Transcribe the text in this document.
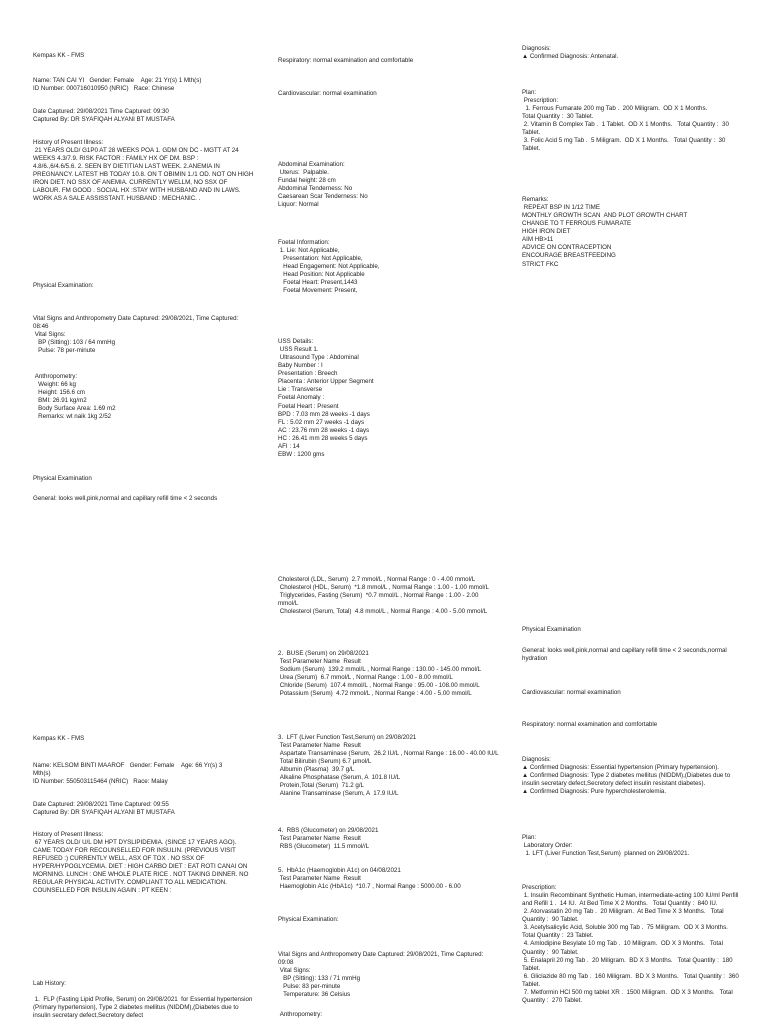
Kempas KK - FMS
Name: TAN CAI YI   Gender: Female    Age: 21 Yr(s) 1 Mth(s)
ID Number: 000716010950 (NRIC)   Race: Chinese
Date Captured: 29/08/2021 Time Captured: 09:30
Captured By: DR SYAFIQAH ALYANI BT MUSTAFA
History of Present Illness:
21 YEARS OLD/ G1P0 AT 28 WEEKS POA 1. GDM ON DC - MGTT AT 24 WEEKS 4.3/7.9. RISK FACTOR : FAMILY HX OF DM. BSP :
4.8/6.,6/4.6/5.6. 2. SEEN BY DIETITIAN LAST WEEK. 2.ANEMIA IN PREGNANCY. LATEST HB TODAY 10.8. ON T OBIMIN 1./1 OD. NOT ON HIGH IRON DIET. NO SSX OF ANEMIA. CURRENTLY WELLM, NO SSX OF LABOUR. FM GOOD . SOCIAL HX :STAY WITH HUSBAND AND IN LAWS. WORK AS A SALE ASSISSTANT. HUSBAND : MECHANIC. .
Physical Examination:
Vital Signs and Anthropometry Date Captured: 29/08/2021, Time Captured: 08:46
Vital Signs:
BP (Sitting): 103 / 64 mmHg
Pulse: 78 per-minute
Anthropometry:
Weight: 66 kg
Height: 156.6 cm
BMI: 26.91 kg/m2
Body Surface Area: 1.69 m2
Remarks: wt naik 1kg 2/52
Physical Examination
General: looks well,pink,normal and capillary refill time < 2 seconds
Respiratory: normal examination and comfortable
Cardiovascular: normal examination
Abdominal Examination:
Uterus:  Palpable.
Fundal height: 28 cm
Abdominal Tenderness: No
Caesarean Scar Tenderness: No
Liquor: Normal
Foetal Information:
1. Lie: Not Applicable,
Presentation: Not Applicable,
Head Engagement: Not Applicable,
Head Position: Not Applicable
Foetal Heart: Present,1443
Foetal Movement: Present,
USS Details:
USS Result 1.
Ultrasound Type : Abdominal
Baby Number : I
Presentation : Breech
Placenta : Anterior Upper Segment
Lie : Transverse
Foetal Anomaly :
Foetal Heart : Present
BPD : 7.03 mm 28 weeks -1 days
FL : 5.02 mm 27 weeks -1 days
AC : 23.76 mm 28 weeks -1 days
HC : 26.41 mm 28 weeks 5 days
AFI : 14
EBW : 1200 gms
Diagnosis:
▲ Confirmed Diagnosis: Antenatal.
Plan:
Prescription:
1. Ferrous Fumarate 200 mg Tab .  200 Miligram.  OD X 1 Months.
Total Quantity :  30 Tablet.
2. Vitamin B Complex Tab .  1 Tablet.  OD X 1 Months.   Total Quantity :  30 Tablet.
3. Folic Acid 5 mg Tab .  5 Miligram.  OD X 1 Months.   Total Quantity :  30 Tablet.
Remarks:
REPEAT BSP IN 1/12 TIME
MONTHLY GROWTH SCAN  AND PLOT GROWTH CHART
CHANGE TO T FERROUS FUMARATE
HIGH IRON DIET
AIM HB>11
ADVICE ON CONTRACEPTION
ENCOURAGE BREASTFEEDING
STRICT FKC
Kempas KK - FMS
Name: KELSOM BINTI MAAROF   Gender: Female    Age: 66 Yr(s) 3 Mth(s)
ID Number: 550503115464 (NRIC)   Race: Malay
Date Captured: 29/08/2021 Time Captured: 09:55
Captured By: DR SYAFIQAH ALYANI BT MUSTAFA
History of Present Illness:
67 YEARS OLD/ U/L DM HPT DYSLIPIDEMIA. (SINCE 17 YEARS AGO). CAME TODAY FOR RECOUNSELLED FOR INSULIN. (PREVIOUS VISIT REFUSED :) CURRENTLY WELL, ASX OF TOX . NO SSX OF HYPER/HYPOGLYCEMIA. DIET : HIGH CARBO DIET : EAT ROTI CANAI ON MORNING. LUNCH : ONE WHOLE PLATE RICE . NOT TAKING DINNER. NO REGULAR PHYSICAL ACTIVITY. COMPLIANT TO ALL MEDICATION. COUNSELLED FOR INSULIN AGAIN : PT KEEN :
Lab History:
1.  FLP (Fasting Lipid Profile, Serum) on 29/08/2021  for Essential hypertension (Primary hypertension), Type 2 diabetes mellitus (NIDDM),(Diabetes due to insulin secretary defect,Secretory defect
Cholesterol (LDL, Serum)  2.7 mmol/L , Normal Range : 0 - 4.00 mmol/L
Cholesterol (HDL, Serum)  *1.8 mmol/L , Normal Range : 1.00 - 1.00 mmol/L
Triglycerides, Fasting (Serum)  *0.7 mmol/L , Normal Range : 1.00 - 2.00 mmol/L
Cholesterol (Serum, Total)  4.8 mmol/L , Normal Range : 4.00 - 5.00 mmol/L
2.  BUSE (Serum) on 29/08/2021
Test Parameter Name  Result
Sodium (Serum)  139.2 mmol/L , Normal Range : 130.00 - 145.00 mmol/L
Urea (Serum)  6.7 mmol/L , Normal Range : 1.00 - 8.00 mmol/L
Chloride (Serum)  107.4 mmol/L , Normal Range : 95.00 - 108.00 mmol/L
Potassium (Serum)  4.72 mmol/L , Normal Range : 4.00 - 5.00 mmol/L
3.  LFT (Liver Function Test,Serum) on 29/08/2021
Test Parameter Name  Result
Aspartate Transaminase (Serum,  26.2 IU/L , Normal Range : 16.00 - 40.00 IU/L
Total Bilirubin (Serum) 6.7 µmol/L
Albumin (Plasma)  39.7 g/L
Alkaline Phosphatase (Serum, A  101.8 IU/L
Protein,Total (Serum)  71.2 g/L
Alanine Transaminase (Serum, A  17.9 IU/L
4.  RBS (Glucometer) on 29/08/2021
Test Parameter Name  Result
RBS (Glucometer)  11.5 mmol//L
5.  HbA1c (Haemoglobin A1c) on 04/08/2021
Test Parameter Name  Result
Haemoglobin A1c (HbA1c)  *10.7 , Normal Range : 5000.00 - 6.00
Physical Examination:
Vital Signs and Anthropometry Date Captured: 29/08/2021, Time Captured: 09:08
Vital Signs:
BP (Sitting): 133 / 71 mmHg
Pulse: 83 per-minute
Temperature: 36 Celsius
Anthropometry:
Physical Examination
General: looks well,pink,normal and capillary refill time < 2 seconds,normal hydration
Cardiovascular: normal examination
Respiratory: normal examination and comfortable
Diagnosis:
▲ Confirmed Diagnosis: Essential hypertension (Primary hypertension).
▲ Confirmed Diagnosis: Type 2 diabetes mellitus (NIDDM),(Diabetes due to insulin secretary defect,Secretory defect insulin resistant diabetes).
▲ Confirmed Diagnosis: Pure hypercholesterolemia.
Plan:
Laboratory Order:
1. LFT (Liver Function Test,Serum)  planned on 29/08/2021.
Prescription:
1. Insulin Recombinant Synthetic Human, intermediate-acting 100 IU/ml Penfill and Refill 1 .  14 IU.  At Bed Time X 2 Months.   Total Quantity :  840 IU.
2. Atorvastatin 20 mg Tab .  20 Miligram.  At Bed Time X 3 Months.   Total Quantity :  90 Tablet.
3. Acetylsalicylic Acid, Soluble 300 mg Tab .  75 Miligram.  OD X 3 Months.   Total Quantity :  23 Tablet.
4. Amlodipine Besylate 10 mg Tab .  10 Miligram.  OD X 3 Months.   Total Quantity :  90 Tablet.
5. Enalapril 20 mg Tab .  20 Miligram.  BD X 3 Months.   Total Quantity :  180 Tablet.
6. Gliclazide 80 mg Tab .  160 Miligram.  BD X 3 Months.   Total Quantity :  360 Tablet.
7. Metformin HCl 500 mg tablet XR .  1500 Miligram.  OD X 3 Months.   Total Quantity :  270 Tablet.
